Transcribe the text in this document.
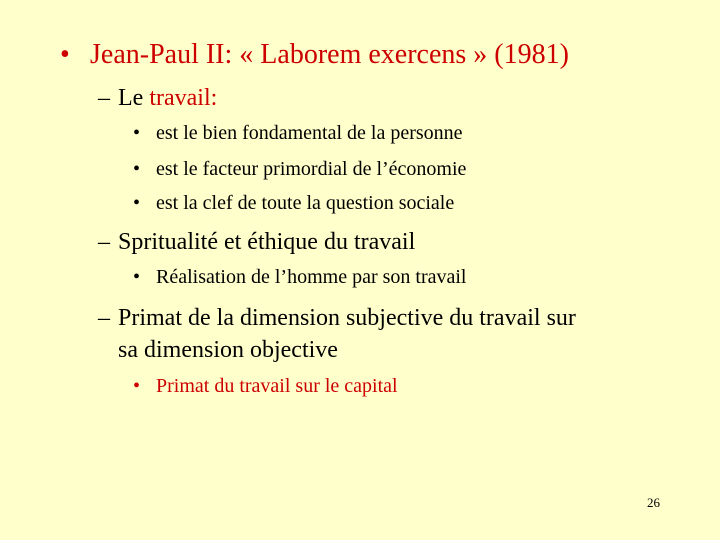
• Jean-Paul II: « Laborem exercens » (1981)
– Le travail:
• est le bien fondamental de la personne
• est le facteur primordial de l’économie
• est la clef de toute la question sociale
– Spritualité et éthique du travail
• Réalisation de l’homme par son travail
– Primat de la dimension subjective du travail sur
sa dimension objective
• Primat du travail sur le capital
26
